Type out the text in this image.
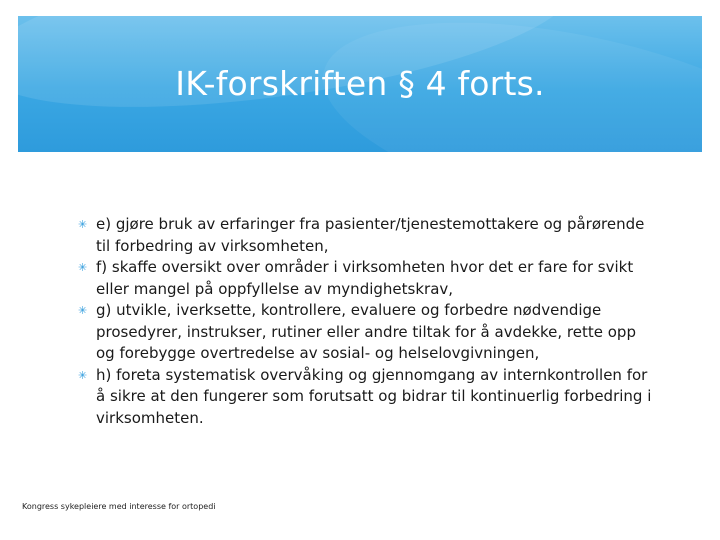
IK-forskriften § 4 forts.
✳ e) gjøre bruk av erfaringer fra pasienter/tjenestemottakere og pårørende til forbedring av virksomheten,
✳ f) skaffe oversikt over områder i virksomheten hvor det er fare for svikt eller mangel på oppfyllelse av myndighetskrav,
✳ g) utvikle, iverksette, kontrollere, evaluere og forbedre nødvendige prosedyrer, instrukser, rutiner eller andre tiltak for å avdekke, rette opp og forebygge overtredelse av sosial- og helselovgivningen,
✳ h) foreta systematisk overvåking og gjennomgang av internkontrollen for å sikre at den fungerer som forutsatt og bidrar til kontinuerlig forbedring i virksomheten.
Kongress sykepleiere med interesse for ortopedi
